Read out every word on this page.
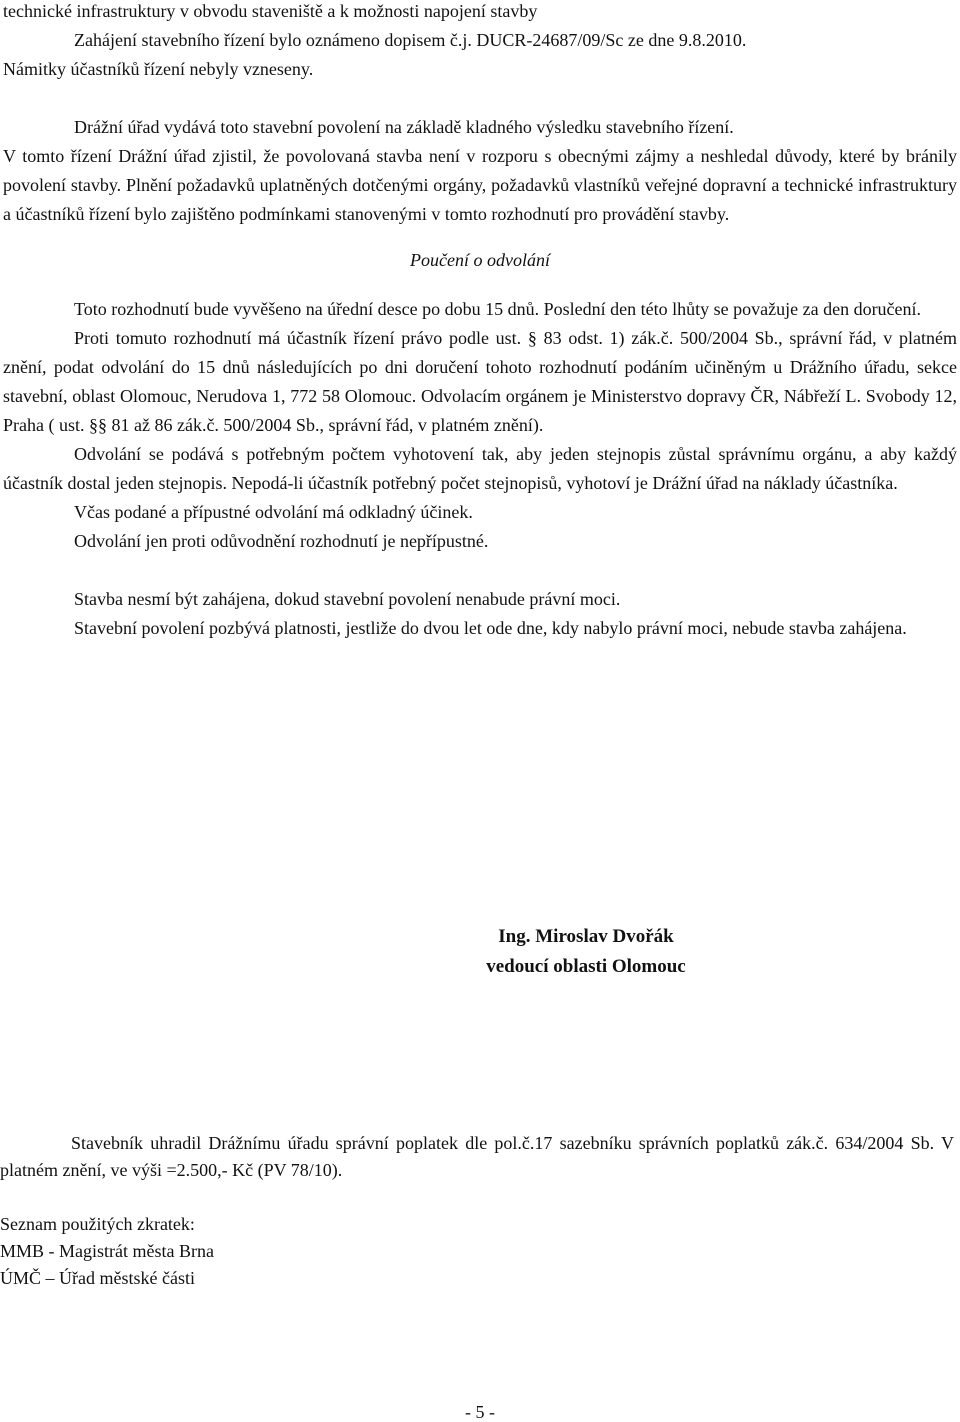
technické infrastruktury v obvodu staveniště a k možnosti napojení stavby

Zahájení stavebního řízení bylo oznámeno dopisem č.j. DUCR-24687/09/Sc ze dne 9.8.2010.

Námitky účastníků řízení nebyly vzneseny.

Drážní úřad vydává toto stavební povolení na základě kladného výsledku stavebního řízení.

V tomto řízení Drážní úřad zjistil, že povolovaná stavba není v rozporu s obecnými zájmy a neshledal důvody, které by bránily povolení stavby. Plnění požadavků uplatněných dotčenými orgány, požadavků vlastníků veřejné dopravní a technické infrastruktury a účastníků řízení bylo zajištěno podmínkami stanovenými v tomto rozhodnutí pro provádění stavby.

Poučení o odvolání

Toto rozhodnutí bude vyvěšeno na úřední desce po dobu 15 dnů. Poslední den této lhůty se považuje za den doručení.

Proti tomuto rozhodnutí má účastník řízení právo podle ust. § 83 odst. 1) zák.č. 500/2004 Sb., správní řád, v platném znění, podat odvolání do 15 dnů následujících po dni doručení tohoto rozhodnutí podáním učiněným u Drážního úřadu, sekce stavební, oblast Olomouc, Nerudova 1, 772 58 Olomouc. Odvolacím orgánem je Ministerstvo dopravy ČR, Nábřeží L. Svobody 12, Praha ( ust. §§ 81 až 86 zák.č. 500/2004 Sb., správní řád, v platném znění).

Odvolání se podává s potřebným počtem vyhotovení tak, aby jeden stejnopis zůstal správnímu orgánu, a aby každý účastník dostal jeden stejnopis. Nepodá-li účastník potřebný počet stejnopisů, vyhotoví je Drážní úřad na náklady účastníka.

Včas podané a přípustné odvolání má odkladný účinek.

Odvolání jen proti odůvodnění rozhodnutí je nepřípustné.

Stavba nesmí být zahájena, dokud stavební povolení nenabude právní moci.

Stavební povolení pozbývá platnosti, jestliže do dvou let ode dne, kdy nabylo právní moci, nebude stavba zahájena.

Ing. Miroslav Dvořák
vedoucí oblasti Olomouc

Stavebník uhradil Drážnímu úřadu správní poplatek dle pol.č.17 sazebníku správních poplatků zák.č. 634/2004 Sb. V platném znění, ve výši =2.500,- Kč (PV 78/10).

Seznam použitých zkratek:
MMB - Magistrát města Brna
ÚMČ – Úřad městské části
- 5 -
